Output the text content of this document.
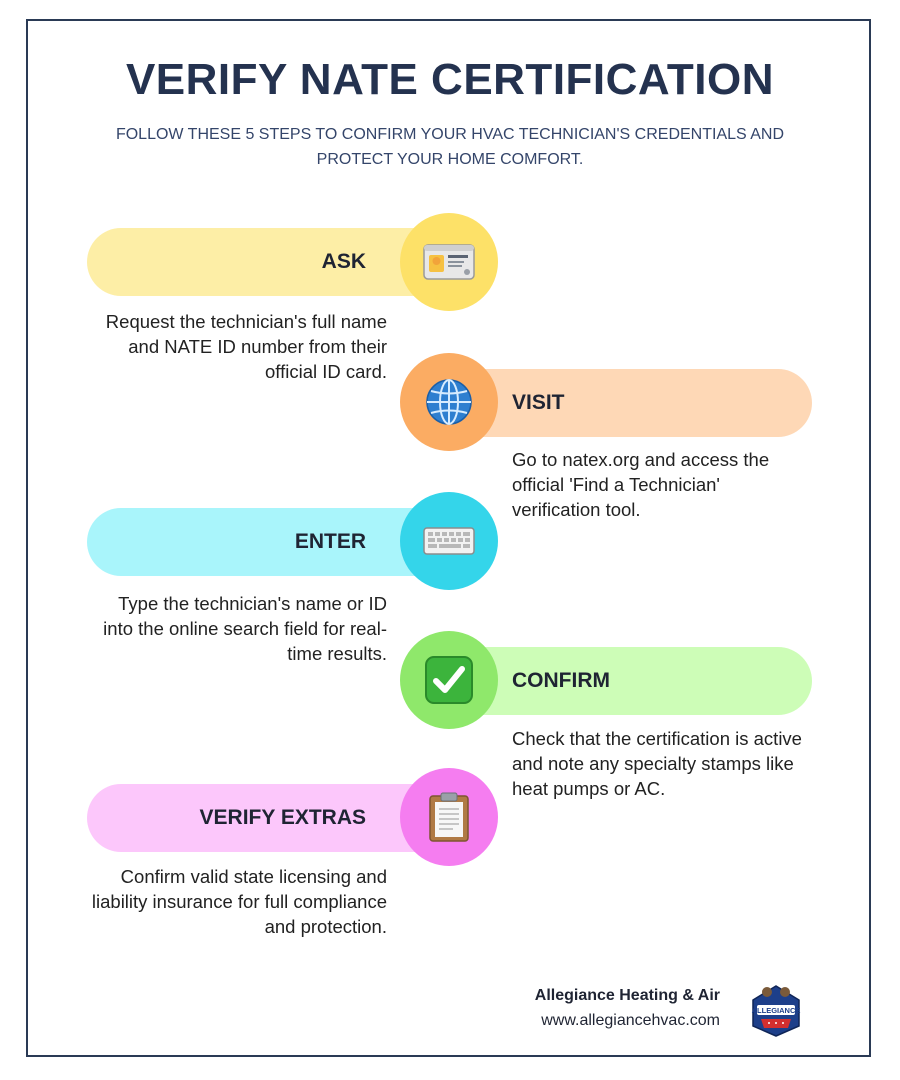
VERIFY NATE CERTIFICATION
FOLLOW THESE 5 STEPS TO CONFIRM YOUR HVAC TECHNICIAN'S CREDENTIALS AND PROTECT YOUR HOME COMFORT.
ASK
Request the technician's full name and NATE ID number from their official ID card.
VISIT
Go to natex.org and access the official 'Find a Technician' verification tool.
ENTER
Type the technician's name or ID into the online search field for real-time results.
CONFIRM
Check that the certification is active and note any specialty stamps like heat pumps or AC.
VERIFY EXTRAS
Confirm valid state licensing and liability insurance for full compliance and protection.
Allegiance Heating & Air
www.allegiancehvac.com
ALLEGIANCE
